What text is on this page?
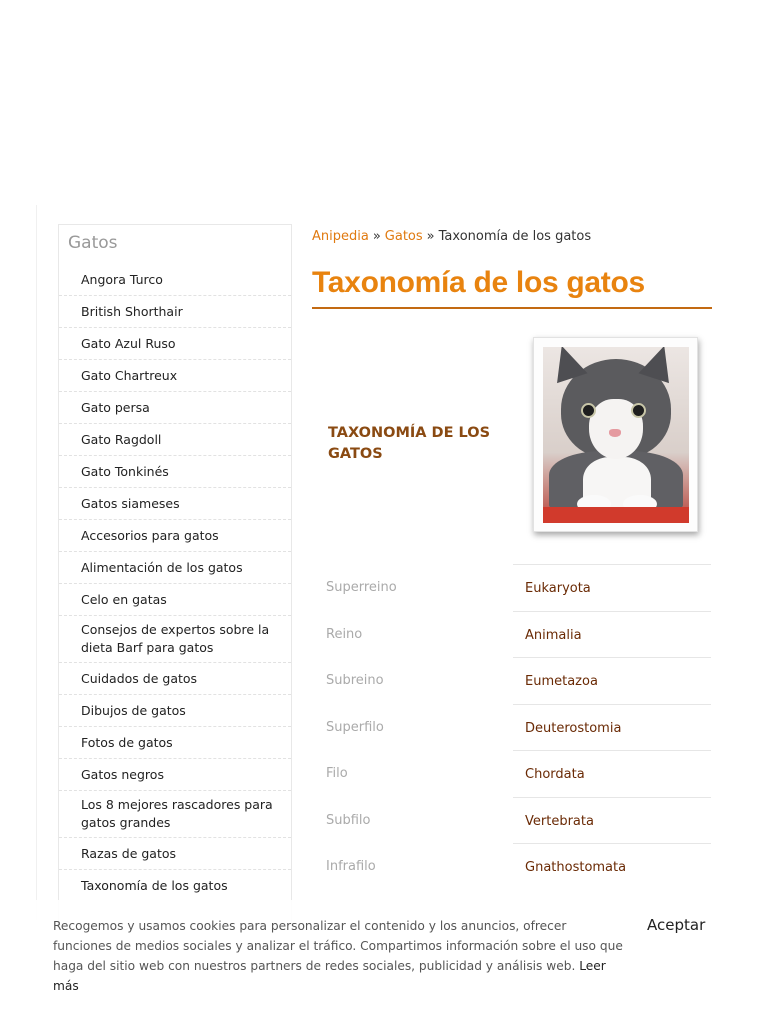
Gatos
Angora Turco
British Shorthair
Gato Azul Ruso
Gato Chartreux
Gato persa
Gato Ragdoll
Gato Tonkinés
Gatos siameses
Accesorios para gatos
Alimentación de los gatos
Celo en gatas
Consejos de expertos sobre la dieta Barf para gatos
Cuidados de gatos
Dibujos de gatos
Fotos de gatos
Gatos negros
Los 8 mejores rascadores para gatos grandes
Razas de gatos
Taxonomía de los gatos
Anipedia » Gatos » Taxonomía de los gatos
Taxonomía de los gatos
TAXONOMÍA DE LOS GATOS
Superreino	Eukaryota
Reino	Animalia
Subreino	Eumetazoa
Superfilo	Deuterostomia
Filo	Chordata
Subfilo	Vertebrata
Infrafilo	Gnathostomata

Recogemos y usamos cookies para personalizar el contenido y los anuncios, ofrecer funciones de medios sociales y analizar el tráfico. Compartimos información sobre el uso que haga del sitio web con nuestros partners de redes sociales, publicidad y análisis web. Leer más

Aceptar
